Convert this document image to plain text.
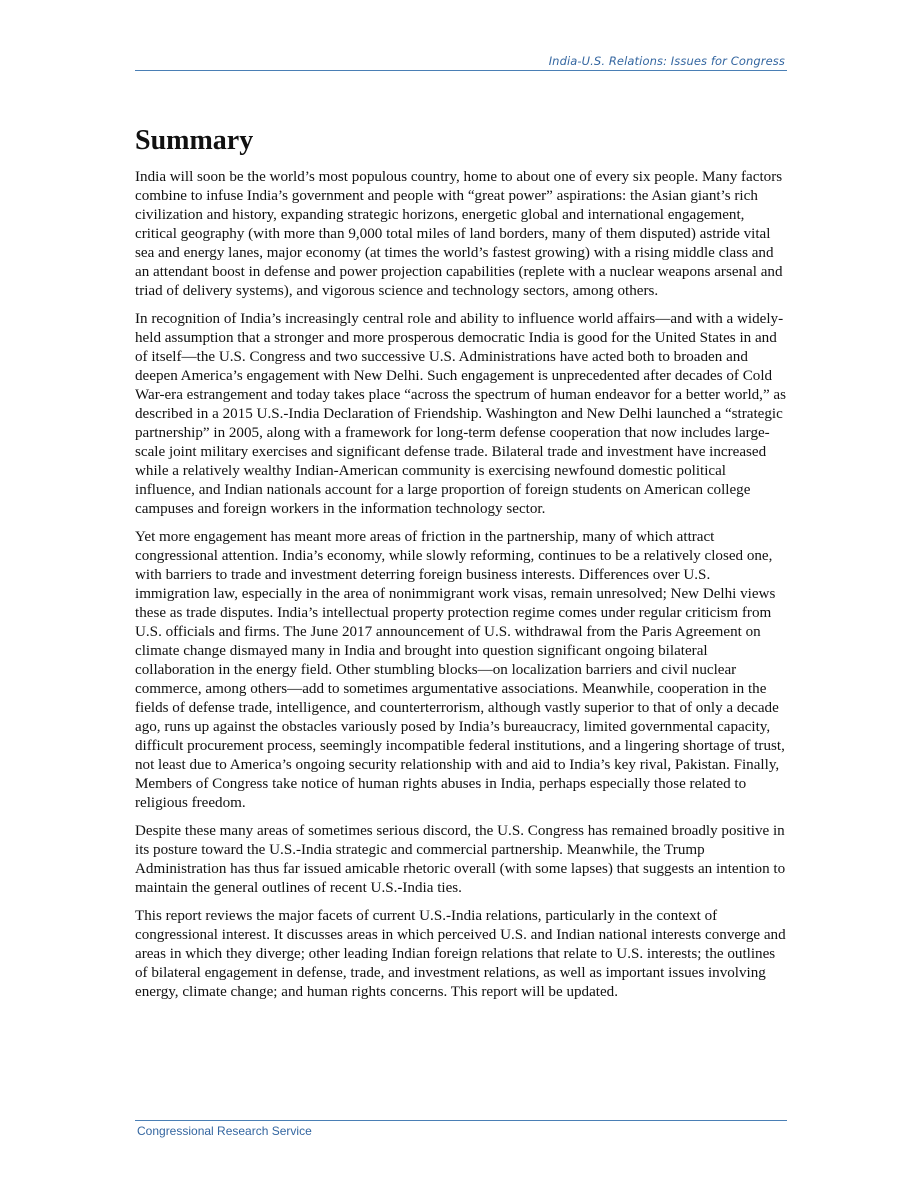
India-U.S. Relations: Issues for Congress
Summary

India will soon be the world’s most populous country, home to about one of every six people. Many factors combine to infuse India’s government and people with “great power” aspirations: the Asian giant’s rich civilization and history, expanding strategic horizons, energetic global and international engagement, critical geography (with more than 9,000 total miles of land borders, many of them disputed) astride vital sea and energy lanes, major economy (at times the world’s fastest growing) with a rising middle class and an attendant boost in defense and power projection capabilities (replete with a nuclear weapons arsenal and triad of delivery systems), and vigorous science and technology sectors, among others.

In recognition of India’s increasingly central role and ability to influence world affairs—and with a widely-held assumption that a stronger and more prosperous democratic India is good for the United States in and of itself—the U.S. Congress and two successive U.S. Administrations have acted both to broaden and deepen America’s engagement with New Delhi. Such engagement is unprecedented after decades of Cold War-era estrangement and today takes place “across the spectrum of human endeavor for a better world,” as described in a 2015 U.S.-India Declaration of Friendship. Washington and New Delhi launched a “strategic partnership” in 2005, along with a framework for long-term defense cooperation that now includes large-scale joint military exercises and significant defense trade. Bilateral trade and investment have increased while a relatively wealthy Indian-American community is exercising newfound domestic political influence, and Indian nationals account for a large proportion of foreign students on American college campuses and foreign workers in the information technology sector.

Yet more engagement has meant more areas of friction in the partnership, many of which attract congressional attention. India’s economy, while slowly reforming, continues to be a relatively closed one, with barriers to trade and investment deterring foreign business interests. Differences over U.S. immigration law, especially in the area of nonimmigrant work visas, remain unresolved; New Delhi views these as trade disputes. India’s intellectual property protection regime comes under regular criticism from U.S. officials and firms. The June 2017 announcement of U.S. withdrawal from the Paris Agreement on climate change dismayed many in India and brought into question significant ongoing bilateral collaboration in the energy field. Other stumbling blocks—on localization barriers and civil nuclear commerce, among others—add to sometimes argumentative associations. Meanwhile, cooperation in the fields of defense trade, intelligence, and counterterrorism, although vastly superior to that of only a decade ago, runs up against the obstacles variously posed by India’s bureaucracy, limited governmental capacity, difficult procurement process, seemingly incompatible federal institutions, and a lingering shortage of trust, not least due to America’s ongoing security relationship with and aid to India’s key rival, Pakistan. Finally, Members of Congress take notice of human rights abuses in India, perhaps especially those related to religious freedom.

Despite these many areas of sometimes serious discord, the U.S. Congress has remained broadly positive in its posture toward the U.S.-India strategic and commercial partnership. Meanwhile, the Trump Administration has thus far issued amicable rhetoric overall (with some lapses) that suggests an intention to maintain the general outlines of recent U.S.-India ties.

This report reviews the major facets of current U.S.-India relations, particularly in the context of congressional interest. It discusses areas in which perceived U.S. and Indian national interests converge and areas in which they diverge; other leading Indian foreign relations that relate to U.S. interests; the outlines of bilateral engagement in defense, trade, and investment relations, as well as important issues involving energy, climate change; and human rights concerns. This report will be updated.

Congressional Research Service
